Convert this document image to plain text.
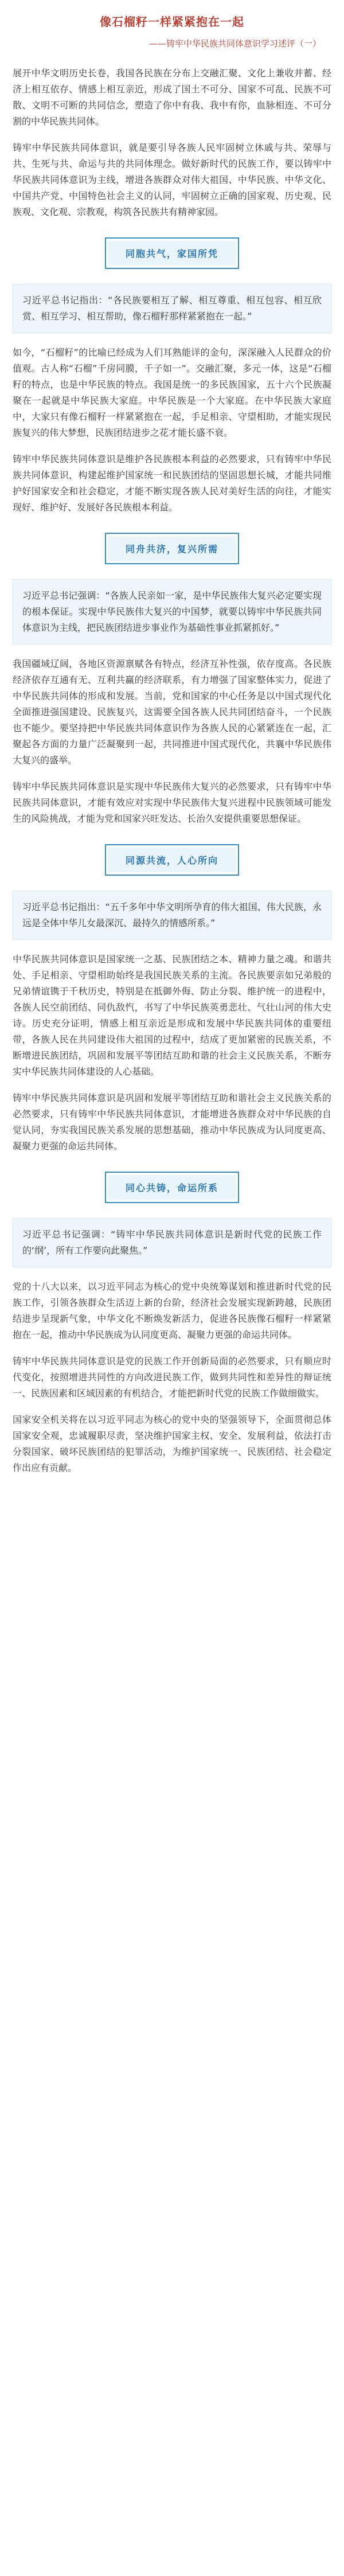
像石榴籽一样紧紧抱在一起

——铸牢中华民族共同体意识学习述评（一）

展开中华文明历史长卷，我国各民族在分布上交融汇聚、文化上兼收并蓄、经济上相互依存、情感上相互亲近，形成了国土不可分、国家不可乱、民族不可散、文明不可断的共同信念，塑造了你中有我、我中有你，血脉相连、不可分割的中华民族共同体。

铸牢中华民族共同体意识，就是要引导各族人民牢固树立休戚与共、荣辱与共、生死与共、命运与共的共同体理念。做好新时代的民族工作，要以铸牢中华民族共同体意识为主线，增进各族群众对伟大祖国、中华民族、中华文化、中国共产党、中国特色社会主义的认同，牢固树立正确的国家观、历史观、民族观、文化观、宗教观，构筑各民族共有精神家园。

同胞共气，家国所凭

习近平总书记指出：“各民族要相互了解、相互尊重、相互包容、相互欣赏、相互学习、相互帮助，像石榴籽那样紧紧抱在一起。”

如今，“石榴籽”的比喻已经成为人们耳熟能详的金句，深深融入人民群众的价值观。古人称“石榴”千房同膜，千子如一”。交融汇聚，多元一体，这是“石榴籽的特点，也是中华民族的特点。我国是统一的多民族国家，五十六个民族凝聚在一起就是中华民族大家庭。中华民族是一个大家庭。在中华民族大家庭中，大家只有像石榴籽一样紧紧抱在一起，手足相亲、守望相助，才能实现民族复兴的伟大梦想，民族团结进步之花才能长盛不衰。

铸牢中华民族共同体意识是维护各民族根本利益的必然要求，只有铸牢中华民族共同体意识，构建起维护国家统一和民族团结的坚固思想长城，才能共同维护好国家安全和社会稳定，才能不断实现各族人民对美好生活的向往，才能实现好、维护好、发展好各民族根本利益。

同舟共济，复兴所需

习近平总书记强调：“各族人民亲如一家，是中华民族伟大复兴必定要实现的根本保证。实现中华民族伟大复兴的中国梦，就要以铸牢中华民族共同体意识为主线，把民族团结进步事业作为基础性事业抓紧抓好。”

我国疆域辽阔，各地区资源禀赋各有特点，经济互补性强，依存度高。各民族经济依存互通有无、互利共赢的经济联系，有力增强了国家整体实力，促进了中华民族共同体的形成和发展。当前，党和国家的中心任务是以中国式现代化全面推进强国建设、民族复兴，这需要全国各族人民共同团结奋斗，一个民族也不能少。要坚持把中华民族共同体意识作为各族人民的心紧紧连在一起，汇聚起各方面的力量广泛凝聚到一起，共同推进中国式现代化，共襄中华民族伟大复兴的盛举。

铸牢中华民族共同体意识是实现中华民族伟大复兴的必然要求，只有铸牢中华民族共同体意识，才能有效应对实现中华民族伟大复兴进程中民族领域可能发生的风险挑战，才能为党和国家兴旺发达、长治久安提供重要思想保证。

同源共流，人心所向

习近平总书记指出：“五千多年中华文明所孕育的伟大祖国、伟大民族，永远是全体中华儿女最深沉、最持久的情感所系。”

中华民族共同体意识是国家统一之基、民族团结之本、精神力量之魂。和谐共处、手足相亲、守望相助始终是我国民族关系的主流。各民族要亲如兄弟般的兄弟情谊镌于千秋历史，特别是在抵御外侮、防止分裂、维护统一的进程中，各族人民空前团结、同仇敌忾，书写了中华民族英勇悲壮、气壮山河的伟大史诗。历史充分证明，情感上相互亲近是形成和发展中华民族共同体的重要纽带，各族人民在共同建设伟大祖国的过程中，结成了更加紧密的民族关系，不断增进民族团结，巩固和发展平等团结互助和谐的社会主义民族关系，不断夯实中华民族共同体建设的人心基础。

铸牢中华民族共同体意识是巩固和发展平等团结互助和谐社会主义民族关系的必然要求，只有铸牢中华民族共同体意识，才能增进各族群众对中华民族的自觉认同，夯实我国民族关系发展的思想基础，推动中华民族成为认同度更高、凝聚力更强的命运共同体。

同心共铸，命运所系

习近平总书记强调：“铸牢中华民族共同体意识是新时代党的民族工作的‘纲’，所有工作要向此聚焦。”

党的十八大以来，以习近平同志为核心的党中央统筹谋划和推进新时代党的民族工作，引领各族群众生活迈上新的台阶，经济社会发展实现新跨越，民族团结进步呈现新气象，中华文化不断焕发新活力，促进各民族像石榴籽一样紧紧抱在一起，推动中华民族成为认同度更高、凝聚力更强的命运共同体。

铸牢中华民族共同体意识是党的民族工作开创新局面的必然要求，只有顺应时代变化，按照增进共同性的方向改进民族工作，做到共同性和差异性的辩证统一、民族因素和区域因素的有机结合，才能把新时代党的民族工作做细做实。

国家安全机关将在以习近平同志为核心的党中央的坚强领导下，全面贯彻总体国家安全观，忠诚履职尽责，坚决维护国家主权、安全、发展利益，依法打击分裂国家、破坏民族团结的犯罪活动，为维护国家统一、民族团结、社会稳定作出应有贡献。
